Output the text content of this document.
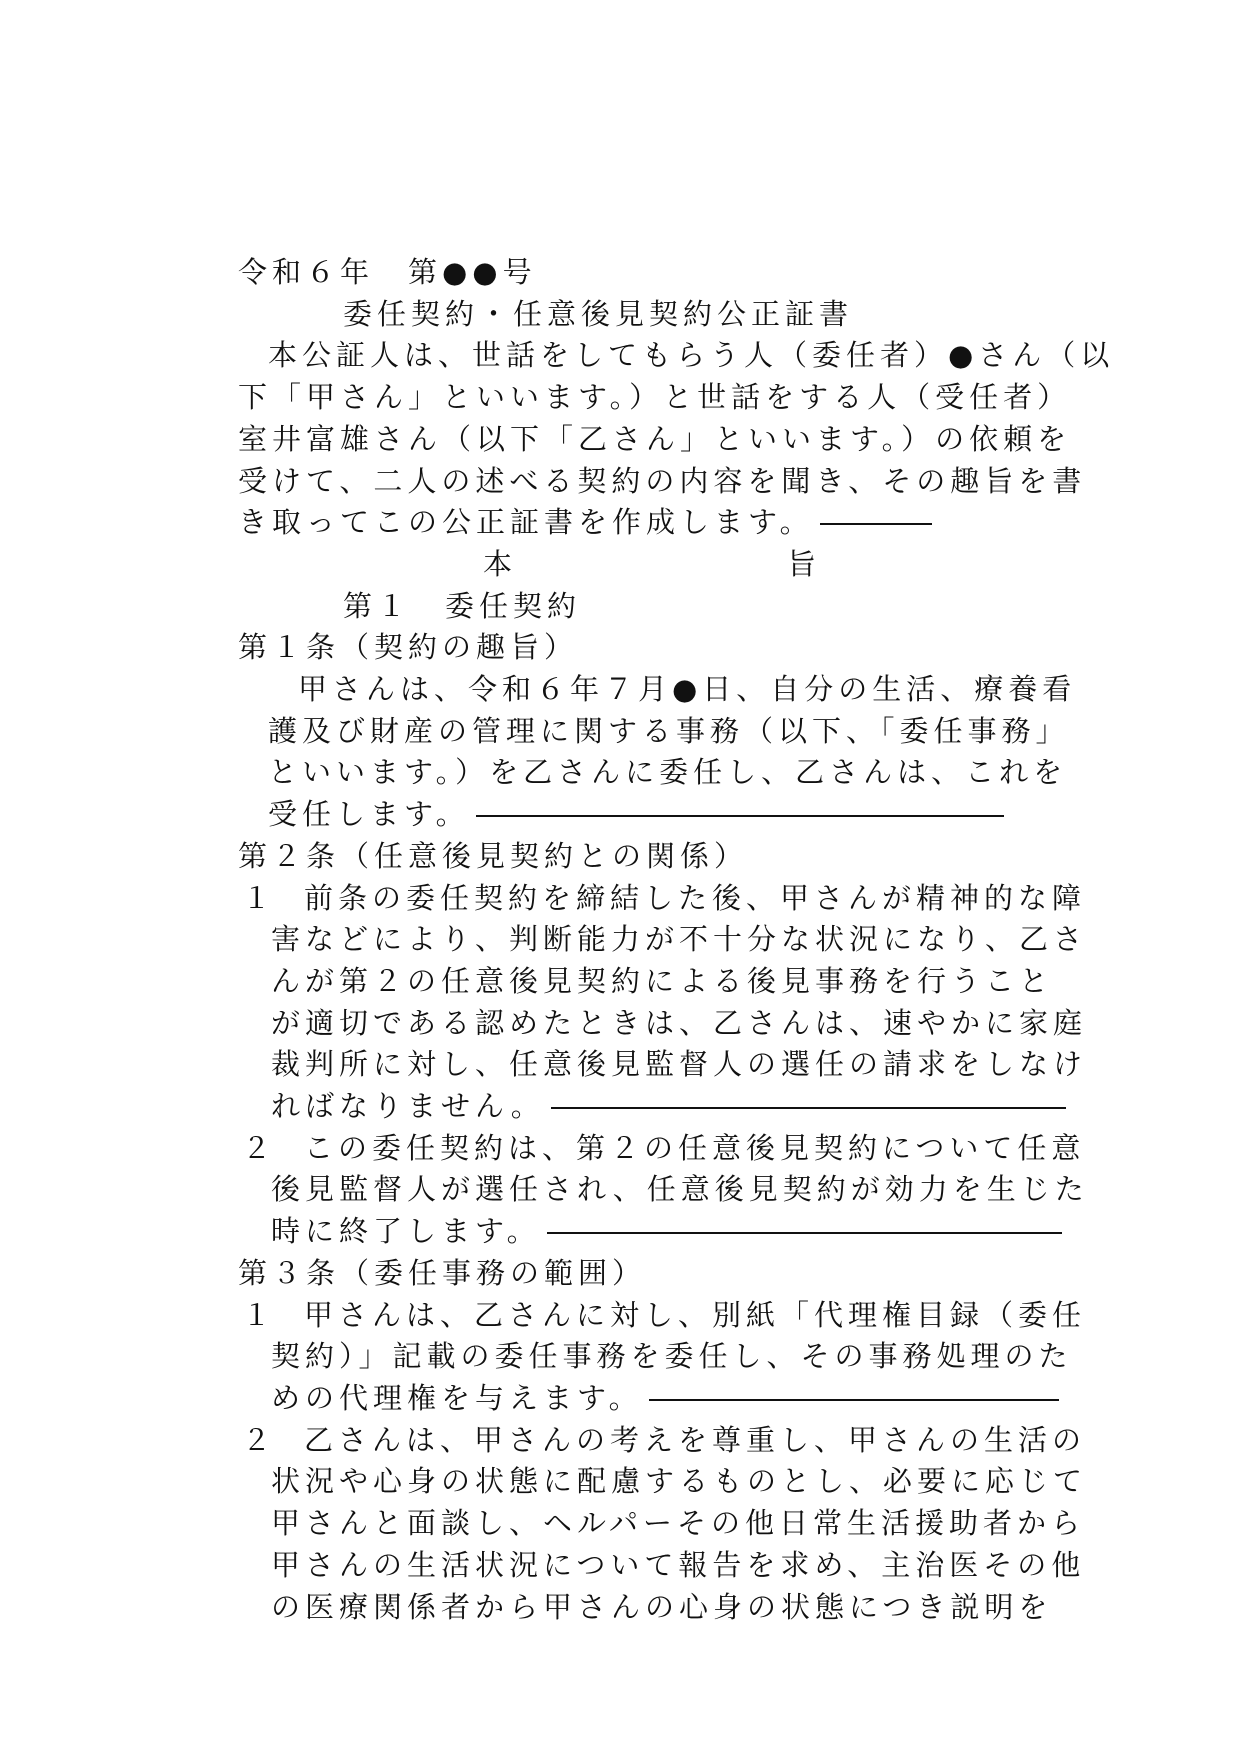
令和６年　第●●号
委任契約・任意後見契約公正証書
本公証人は、世話をしてもらう人（委任者）●さん（以
下「甲さん」といいます。）と世話をする人（受任者）
室井富雄さん（以下「乙さん」といいます。）の依頼を
受けて、二人の述べる契約の内容を聞き、その趣旨を書
き取ってこの公正証書を作成します。
本	旨
第１　委任契約
第１条（契約の趣旨）
甲さんは、令和６年７月●日、自分の生活、療養看
護及び財産の管理に関する事務（以下、「委任事務」
といいます。）を乙さんに委任し、乙さんは、これを
受任します。
第２条（任意後見契約との関係）
１ 前条の委任契約を締結した後、甲さんが精神的な障
害などにより、判断能力が不十分な状況になり、乙さ
んが第２の任意後見契約による後見事務を行うこと
が適切である認めたときは、乙さんは、速やかに家庭
裁判所に対し、任意後見監督人の選任の請求をしなけ
ればなりません。
２ この委任契約は、第２の任意後見契約について任意
後見監督人が選任され、任意後見契約が効力を生じた
時に終了します。
第３条（委任事務の範囲）
１ 甲さんは、乙さんに対し、別紙「代理権目録（委任
契約）」記載の委任事務を委任し、その事務処理のた
めの代理権を与えます。
２ 乙さんは、甲さんの考えを尊重し、甲さんの生活の
状況や心身の状態に配慮するものとし、必要に応じて
甲さんと面談し、ヘルパーその他日常生活援助者から
甲さんの生活状況について報告を求め、主治医その他
の医療関係者から甲さんの心身の状態につき説明を
